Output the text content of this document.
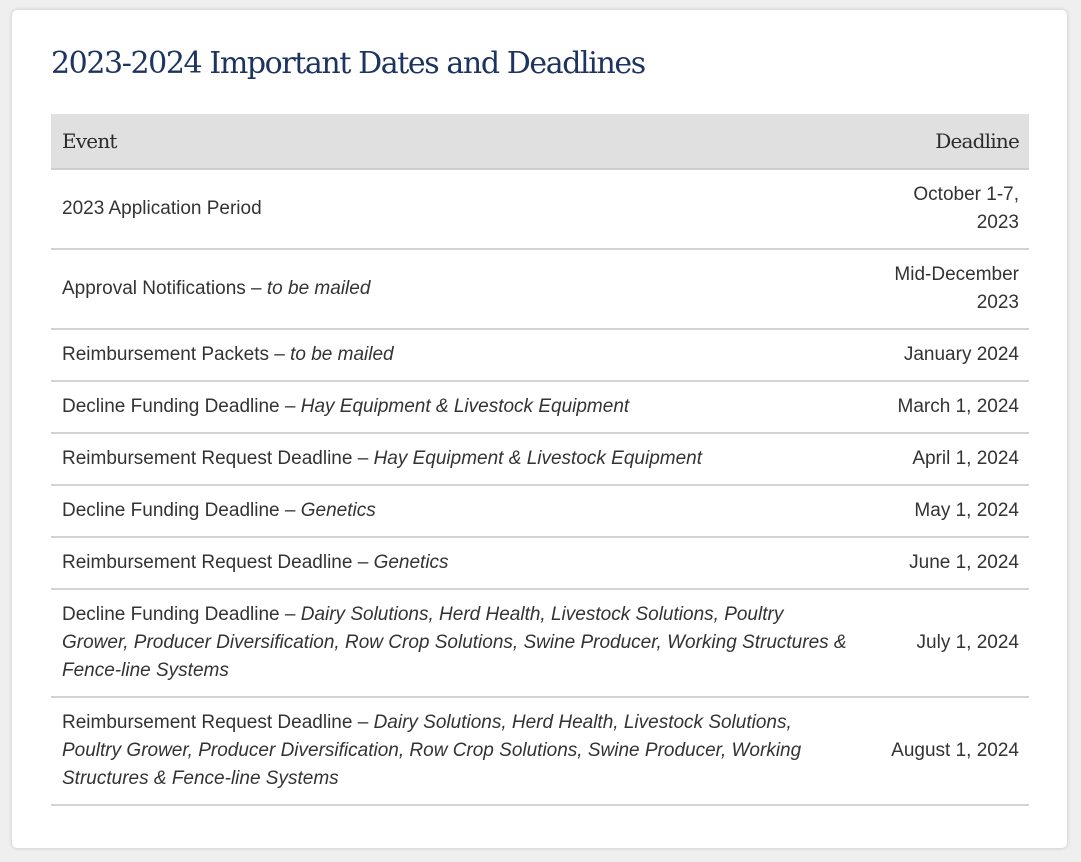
2023-2024 Important Dates and Deadlines
Event	Deadline
2023 Application Period	October 1-7, 2023
Approval Notifications – to be mailed	Mid-December 2023
Reimbursement Packets – to be mailed	January 2024
Decline Funding Deadline – Hay Equipment & Livestock Equipment	March 1, 2024
Reimbursement Request Deadline – Hay Equipment & Livestock Equipment	April 1, 2024
Decline Funding Deadline – Genetics	May 1, 2024
Reimbursement Request Deadline – Genetics	June 1, 2024
Decline Funding Deadline – Dairy Solutions, Herd Health, Livestock Solutions, Poultry Grower, Producer Diversification, Row Crop Solutions, Swine Producer, Working Structures & Fence-line Systems	July 1, 2024
Reimbursement Request Deadline – Dairy Solutions, Herd Health, Livestock Solutions, Poultry Grower, Producer Diversification, Row Crop Solutions, Swine Producer, Working Structures & Fence-line Systems	August 1, 2024
